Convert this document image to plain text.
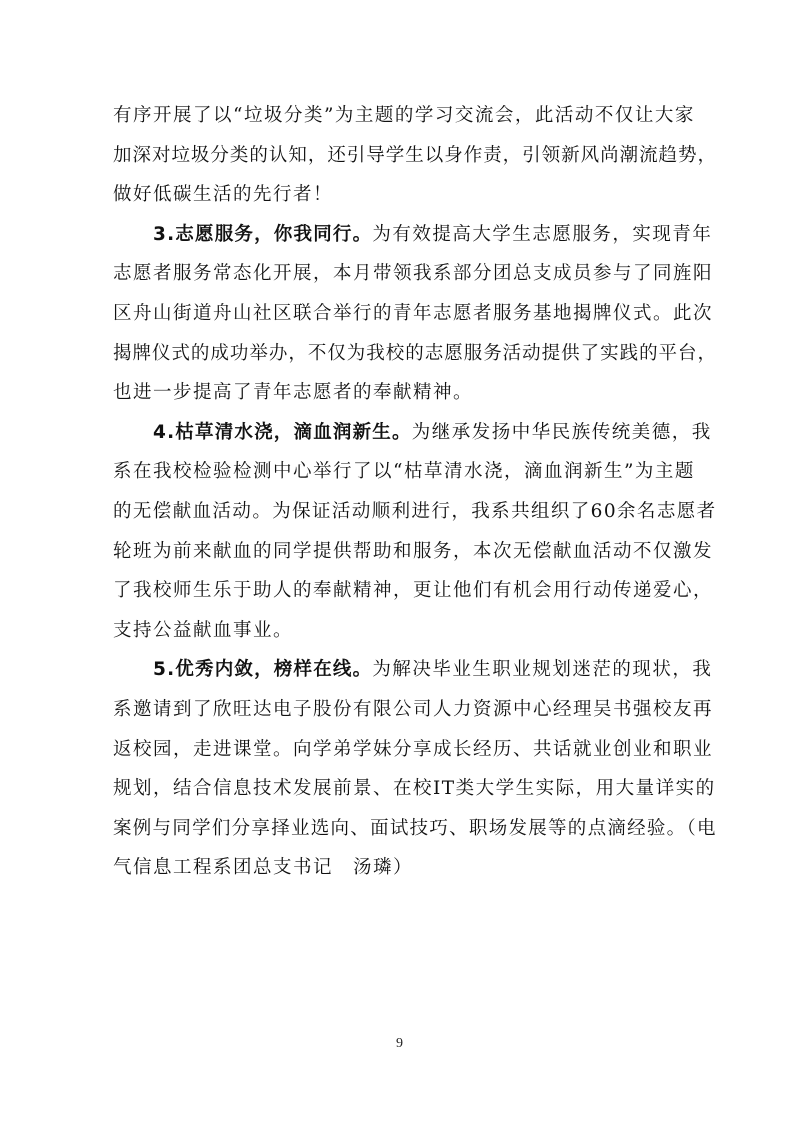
有序开展了以“垃圾分类”为主题的学习交流会，此活动不仅让大家
加深对垃圾分类的认知，还引导学生以身作责，引领新风尚潮流趋势，
做好低碳生活的先行者！

3.志愿服务，你我同行。为有效提高大学生志愿服务，实现青年
志愿者服务常态化开展，本月带领我系部分团总支成员参与了同旌阳
区舟山街道舟山社区联合举行的青年志愿者服务基地揭牌仪式。此次
揭牌仪式的成功举办，不仅为我校的志愿服务活动提供了实践的平台，
也进一步提高了青年志愿者的奉献精神。

4.枯草清水浇，滴血润新生。为继承发扬中华民族传统美德，我
系在我校检验检测中心举行了以“枯草清水浇，滴血润新生”为主题
的无偿献血活动。为保证活动顺利进行，我系共组织了60余名志愿者
轮班为前来献血的同学提供帮助和服务，本次无偿献血活动不仅激发
了我校师生乐于助人的奉献精神，更让他们有机会用行动传递爱心，
支持公益献血事业。

5.优秀内敛，榜样在线。为解决毕业生职业规划迷茫的现状，我
系邀请到了欣旺达电子股份有限公司人力资源中心经理吴书强校友再
返校园，走进课堂。向学弟学妹分享成长经历、共话就业创业和职业
规划，结合信息技术发展前景、在校IT类大学生实际，用大量详实的
案例与同学们分享择业选向、面试技巧、职场发展等的点滴经验。（电
气信息工程系团总支书记　汤璘）

9
